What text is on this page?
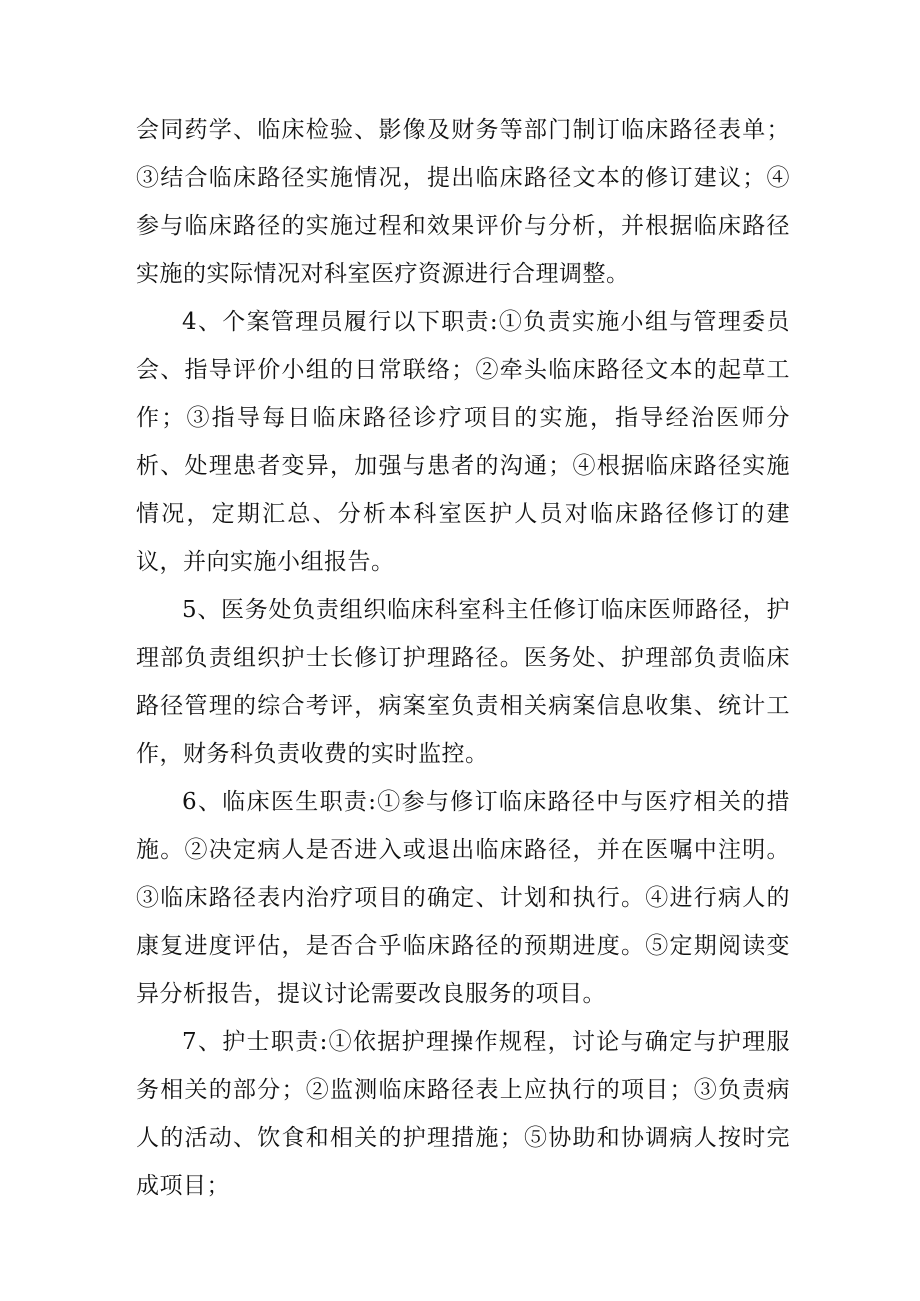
会同药学、临床检验、影像及财务等部门制订临床路径表单；③结合临床路径实施情况，提出临床路径文本的修订建议；④参与临床路径的实施过程和效果评价与分析，并根据临床路径实施的实际情况对科室医疗资源进行合理调整。

4、个案管理员履行以下职责:①负责实施小组与管理委员会、指导评价小组的日常联络；②牵头临床路径文本的起草工作；③指导每日临床路径诊疗项目的实施，指导经治医师分析、处理患者变异，加强与患者的沟通；④根据临床路径实施情况，定期汇总、分析本科室医护人员对临床路径修订的建议，并向实施小组报告。

5、医务处负责组织临床科室科主任修订临床医师路径，护理部负责组织护士长修订护理路径。医务处、护理部负责临床路径管理的综合考评，病案室负责相关病案信息收集、统计工作，财务科负责收费的实时监控。

6、临床医生职责:①参与修订临床路径中与医疗相关的措施。②决定病人是否进入或退出临床路径，并在医嘱中注明。③临床路径表内治疗项目的确定、计划和执行。④进行病人的康复进度评估，是否合乎临床路径的预期进度。⑤定期阅读变异分析报告，提议讨论需要改良服务的项目。

7、护士职责:①依据护理操作规程，讨论与确定与护理服务相关的部分；②监测临床路径表上应执行的项目；③负责病人的活动、饮食和相关的护理措施；⑤协助和协调病人按时完成项目；
